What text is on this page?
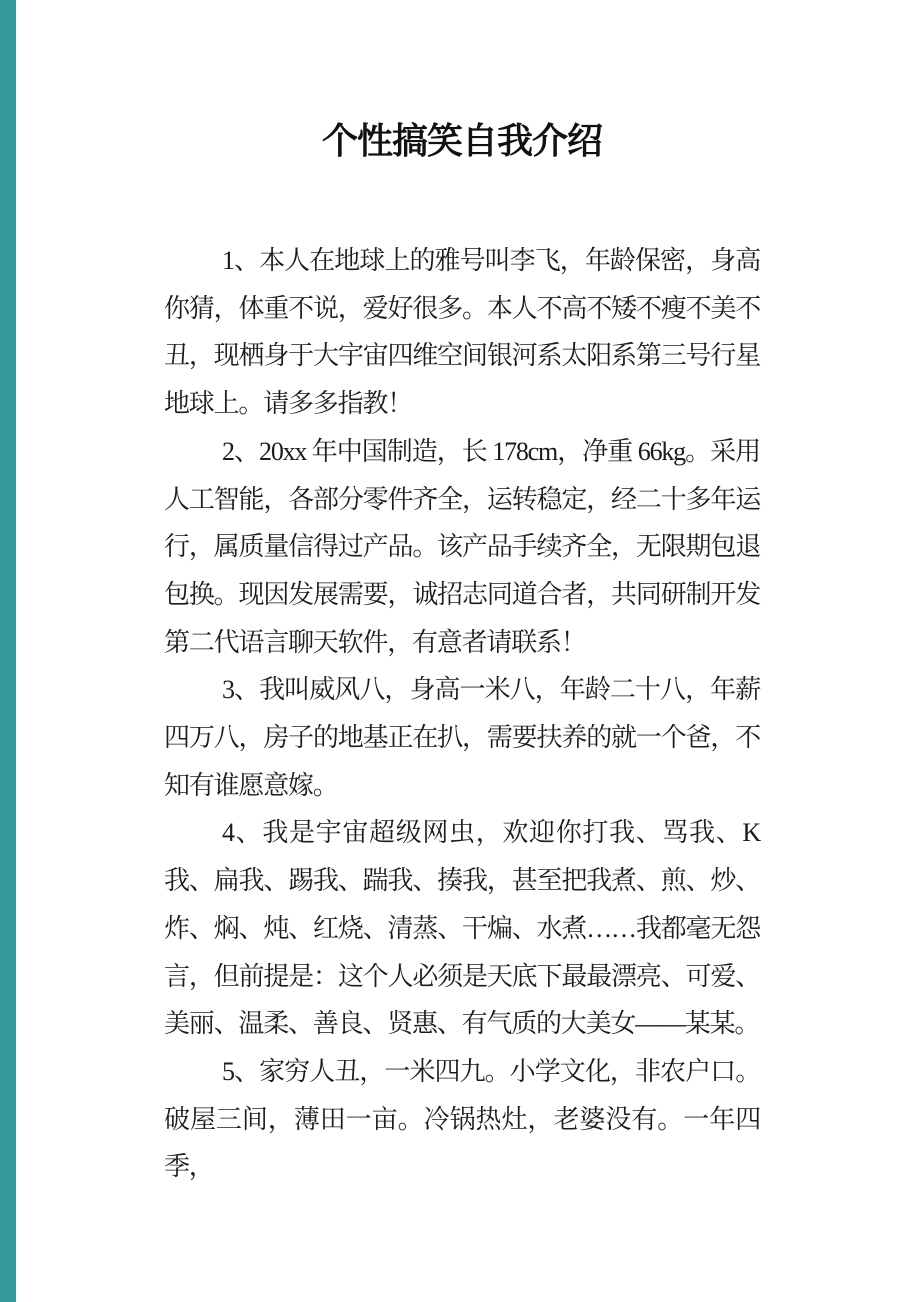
个性搞笑自我介绍

1、本人在地球上的雅号叫李飞，年龄保密，身高你猜，体重不说，爱好很多。本人不高不矮不瘦不美不丑，现栖身于大宇宙四维空间银河系太阳系第三号行星地球上。请多多指教！

2、20xx 年中国制造，长 178cm，净重 66kg。采用人工智能，各部分零件齐全，运转稳定，经二十多年运行，属质量信得过产品。该产品手续齐全，无限期包退包换。现因发展需要，诚招志同道合者，共同研制开发第二代语言聊天软件，有意者请联系！

3、我叫威风八，身高一米八，年龄二十八，年薪四万八，房子的地基正在扒，需要扶养的就一个爸，不知有谁愿意嫁。

4、我是宇宙超级网虫，欢迎你打我、骂我、K 我、扁我、踢我、踹我、揍我，甚至把我煮、煎、炒、炸、焖、炖、红烧、清蒸、干煸、水煮……我都毫无怨言，但前提是：这个人必须是天底下最最漂亮、可爱、美丽、温柔、善良、贤惠、有气质的大美女——某某。

5、家穷人丑，一米四九。小学文化，非农户口。破屋三间，薄田一亩。冷锅热灶，老婆没有。一年四季，
